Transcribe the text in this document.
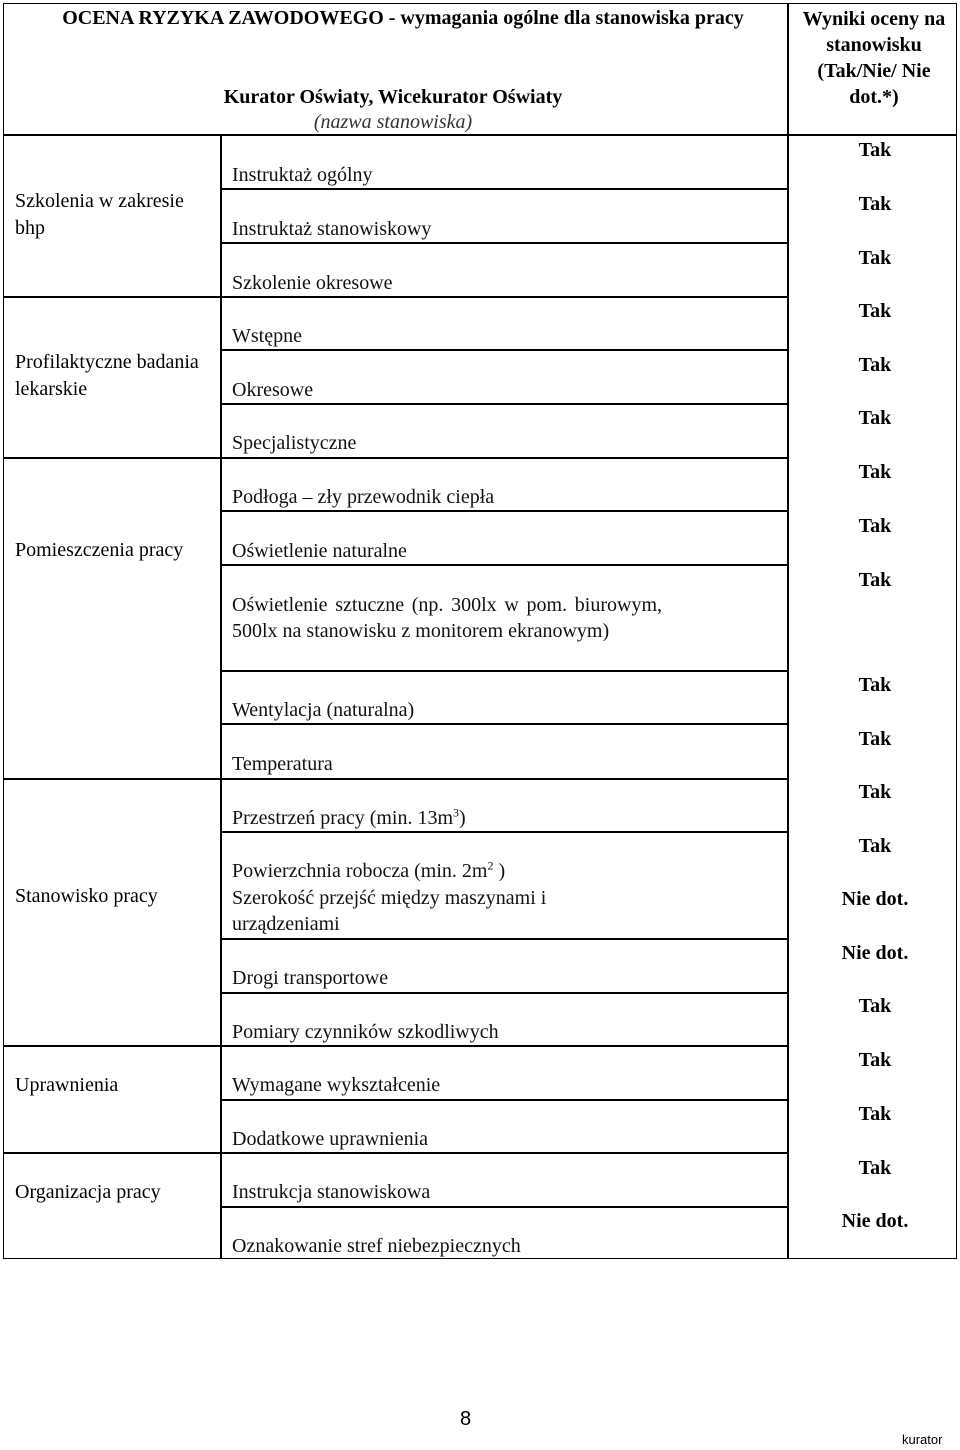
OCENA RYZYKA ZAWODOWEGO - wymagania ogólne dla stanowiska pracy
Kurator Oświaty, Wicekurator Oświaty
(nazwa stanowiska)
Wyniki oceny na stanowisku (Tak/Nie/ Nie dot.*)
Szkolenia w zakresie bhp
Profilaktyczne badania lekarskie
Pomieszczenia pracy
Stanowisko pracy
Uprawnienia
Organizacja pracy
Instruktaż ogólny
Instruktaż stanowiskowy
Szkolenie okresowe
Wstępne
Okresowe
Specjalistyczne
Podłoga – zły przewodnik ciepła
Oświetlenie naturalne
Oświetlenie sztuczne (np. 300lx w pom. biurowym, 500lx na stanowisku z monitorem ekranowym)
Wentylacja (naturalna)
Temperatura
Przestrzeń pracy (min. $13m^3$)
Powierzchnia robocza (min. $2m^2$ )
Szerokość przejść między maszynami i urządzeniami
Drogi transportowe
Pomiary czynników szkodliwych
Wymagane wykształcenie
Dodatkowe uprawnienia
Instrukcja stanowiskowa
Oznakowanie stref niebezpiecznych
Tak
Tak
Tak
Tak
Tak
Tak
Tak
Tak
Tak
Tak
Tak
Tak
Tak
Nie dot.
Nie dot.
Tak
Tak
Tak
Tak
Nie dot.
8
kurator
